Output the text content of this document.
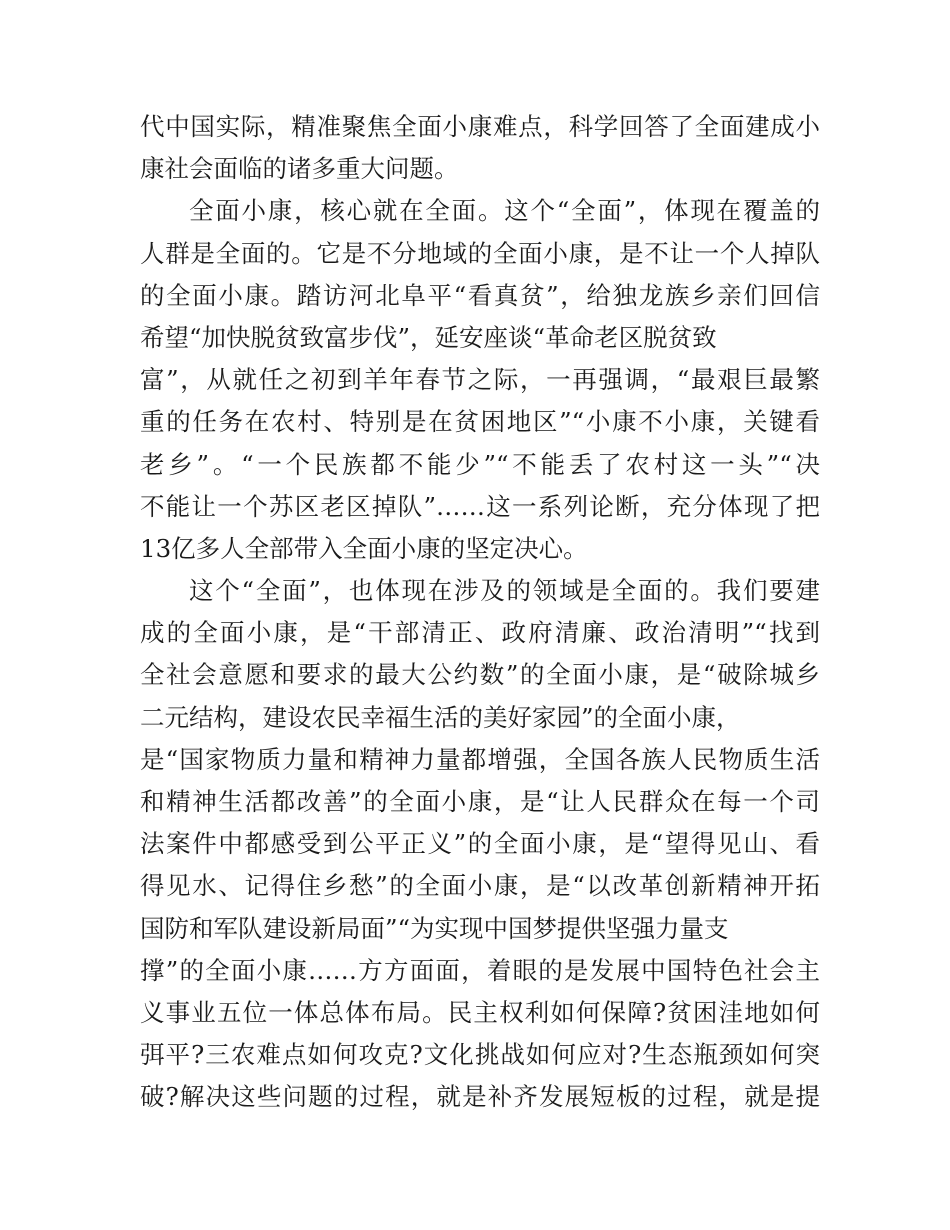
代中国实际，精准聚焦全面小康难点，科学回答了全面建成小
康社会面临的诸多重大问题。
全面小康，核心就在全面。这个“全面”，体现在覆盖的
人群是全面的。它是不分地域的全面小康，是不让一个人掉队
的全面小康。踏访河北阜平“看真贫”，给独龙族乡亲们回信
希望“加快脱贫致富步伐”，延安座谈“革命老区脱贫致
富”，从就任之初到羊年春节之际，一再强调，“最艰巨最繁
重的任务在农村、特别是在贫困地区”“小康不小康，关键看
老乡”。“一个民族都不能少”“不能丢了农村这一头”“决
不能让一个苏区老区掉队”……这一系列论断，充分体现了把
13亿多人全部带入全面小康的坚定决心。
这个“全面”，也体现在涉及的领域是全面的。我们要建
成的全面小康，是“干部清正、政府清廉、政治清明”“找到
全社会意愿和要求的最大公约数”的全面小康，是“破除城乡
二元结构，建设农民幸福生活的美好家园”的全面小康，
是“国家物质力量和精神力量都增强，全国各族人民物质生活
和精神生活都改善”的全面小康，是“让人民群众在每一个司
法案件中都感受到公平正义”的全面小康，是“望得见山、看
得见水、记得住乡愁”的全面小康，是“以改革创新精神开拓
国防和军队建设新局面”“为实现中国梦提供坚强力量支
撑”的全面小康……方方面面，着眼的是发展中国特色社会主
义事业五位一体总体布局。民主权利如何保障?贫困洼地如何
弭平?三农难点如何攻克?文化挑战如何应对?生态瓶颈如何突
破?解决这些问题的过程，就是补齐发展短板的过程，就是提
